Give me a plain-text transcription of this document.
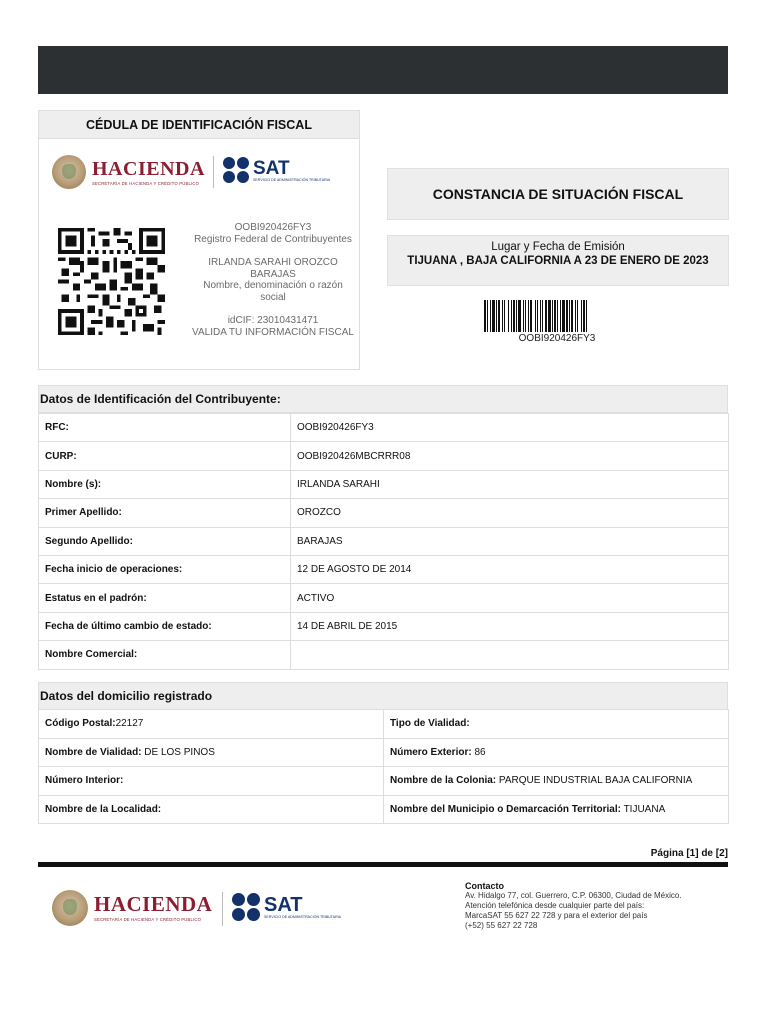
CÉDULA DE IDENTIFICACIÓN FISCAL
HACIENDA
SECRETARÍA DE HACIENDA Y CRÉDITO PÚBLICO
SAT
SERVICIO DE ADMINISTRACIÓN TRIBUTARIA
OOBI920426FY3
Registro Federal de Contribuyentes
IRLANDA SARAHI OROZCO BARAJAS
Nombre, denominación o razón social
idCIF: 23010431471
VALIDA TU INFORMACIÓN FISCAL
CONSTANCIA DE SITUACIÓN FISCAL
Lugar y Fecha de Emisión
TIJUANA , BAJA CALIFORNIA A 23 DE ENERO DE 2023
OOBI920426FY3
Datos de Identificación del Contribuyente:
RFC:	OOBI920426FY3
CURP:	OOBI920426MBCRRR08
Nombre (s):	IRLANDA SARAHI
Primer Apellido:	OROZCO
Segundo Apellido:	BARAJAS
Fecha inicio de operaciones:	12 DE AGOSTO DE 2014
Estatus en el padrón:	ACTIVO
Fecha de último cambio de estado:	14 DE ABRIL DE 2015
Nombre Comercial:	
Datos del domicilio registrado
Código Postal:22127	Tipo de Vialidad:
Nombre de Vialidad: DE LOS PINOS	Número Exterior: 86
Número Interior:	Nombre de la Colonia: PARQUE INDUSTRIAL BAJA CALIFORNIA
Nombre de la Localidad:	Nombre del Municipio o Demarcación Territorial: TIJUANA
Página [1] de [2]
HACIENDA
SECRETARÍA DE HACIENDA Y CRÉDITO PÚBLICO
SAT
SERVICIO DE ADMINISTRACIÓN TRIBUTARIA
Contacto
Av. Hidalgo 77, col. Guerrero, C.P. 06300, Ciudad de México.
Atención telefónica desde cualquier parte del país:
MarcaSAT 55 627 22 728 y para el exterior del país
(+52) 55 627 22 728
